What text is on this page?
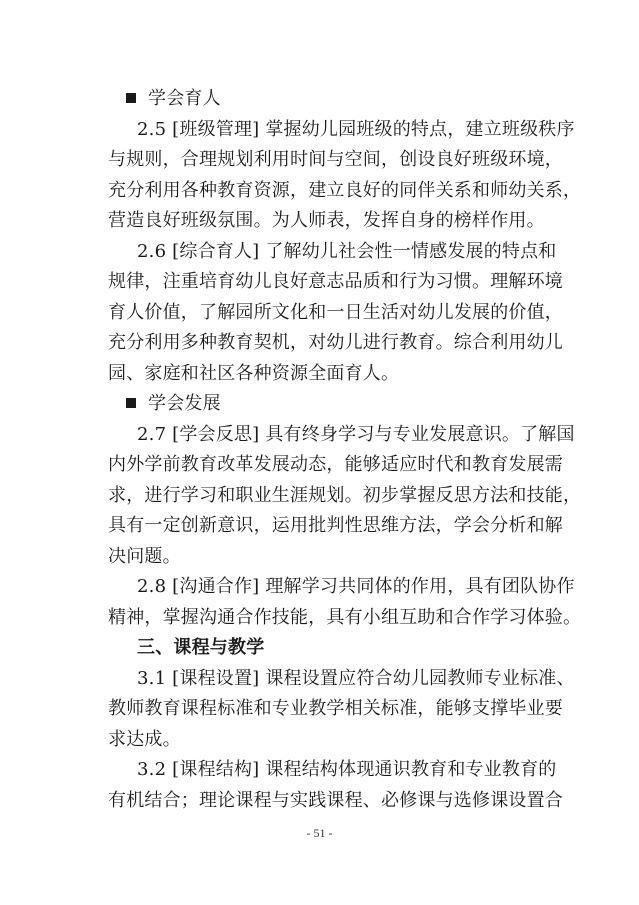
学会育人
2.5 [班级管理] 掌握幼儿园班级的特点，建立班级秩序
与规则，合理规划利用时间与空间，创设良好班级环境，
充分利用各种教育资源，建立良好的同伴关系和师幼关系，
营造良好班级氛围。为人师表，发挥自身的榜样作用。
2.6 [综合育人] 了解幼儿社会性一情感发展的特点和
规律，注重培育幼儿良好意志品质和行为习惯。理解环境
育人价值，了解园所文化和一日生活对幼儿发展的价值，
充分利用多种教育契机，对幼儿进行教育。综合利用幼儿
园、家庭和社区各种资源全面育人。
学会发展
2.7 [学会反思] 具有终身学习与专业发展意识。了解国
内外学前教育改革发展动态，能够适应时代和教育发展需
求，进行学习和职业生涯规划。初步掌握反思方法和技能，
具有一定创新意识，运用批判性思维方法，学会分析和解
决问题。
2.8 [沟通合作] 理解学习共同体的作用，具有团队协作
精神，掌握沟通合作技能，具有小组互助和合作学习体验。
三、课程与教学
3.1 [课程设置] 课程设置应符合幼儿园教师专业标准、
教师教育课程标准和专业教学相关标准，能够支撑毕业要
求达成。
3.2 [课程结构] 课程结构体现通识教育和专业教育的
有机结合；理论课程与实践课程、必修课与选修课设置合
- 51 -
